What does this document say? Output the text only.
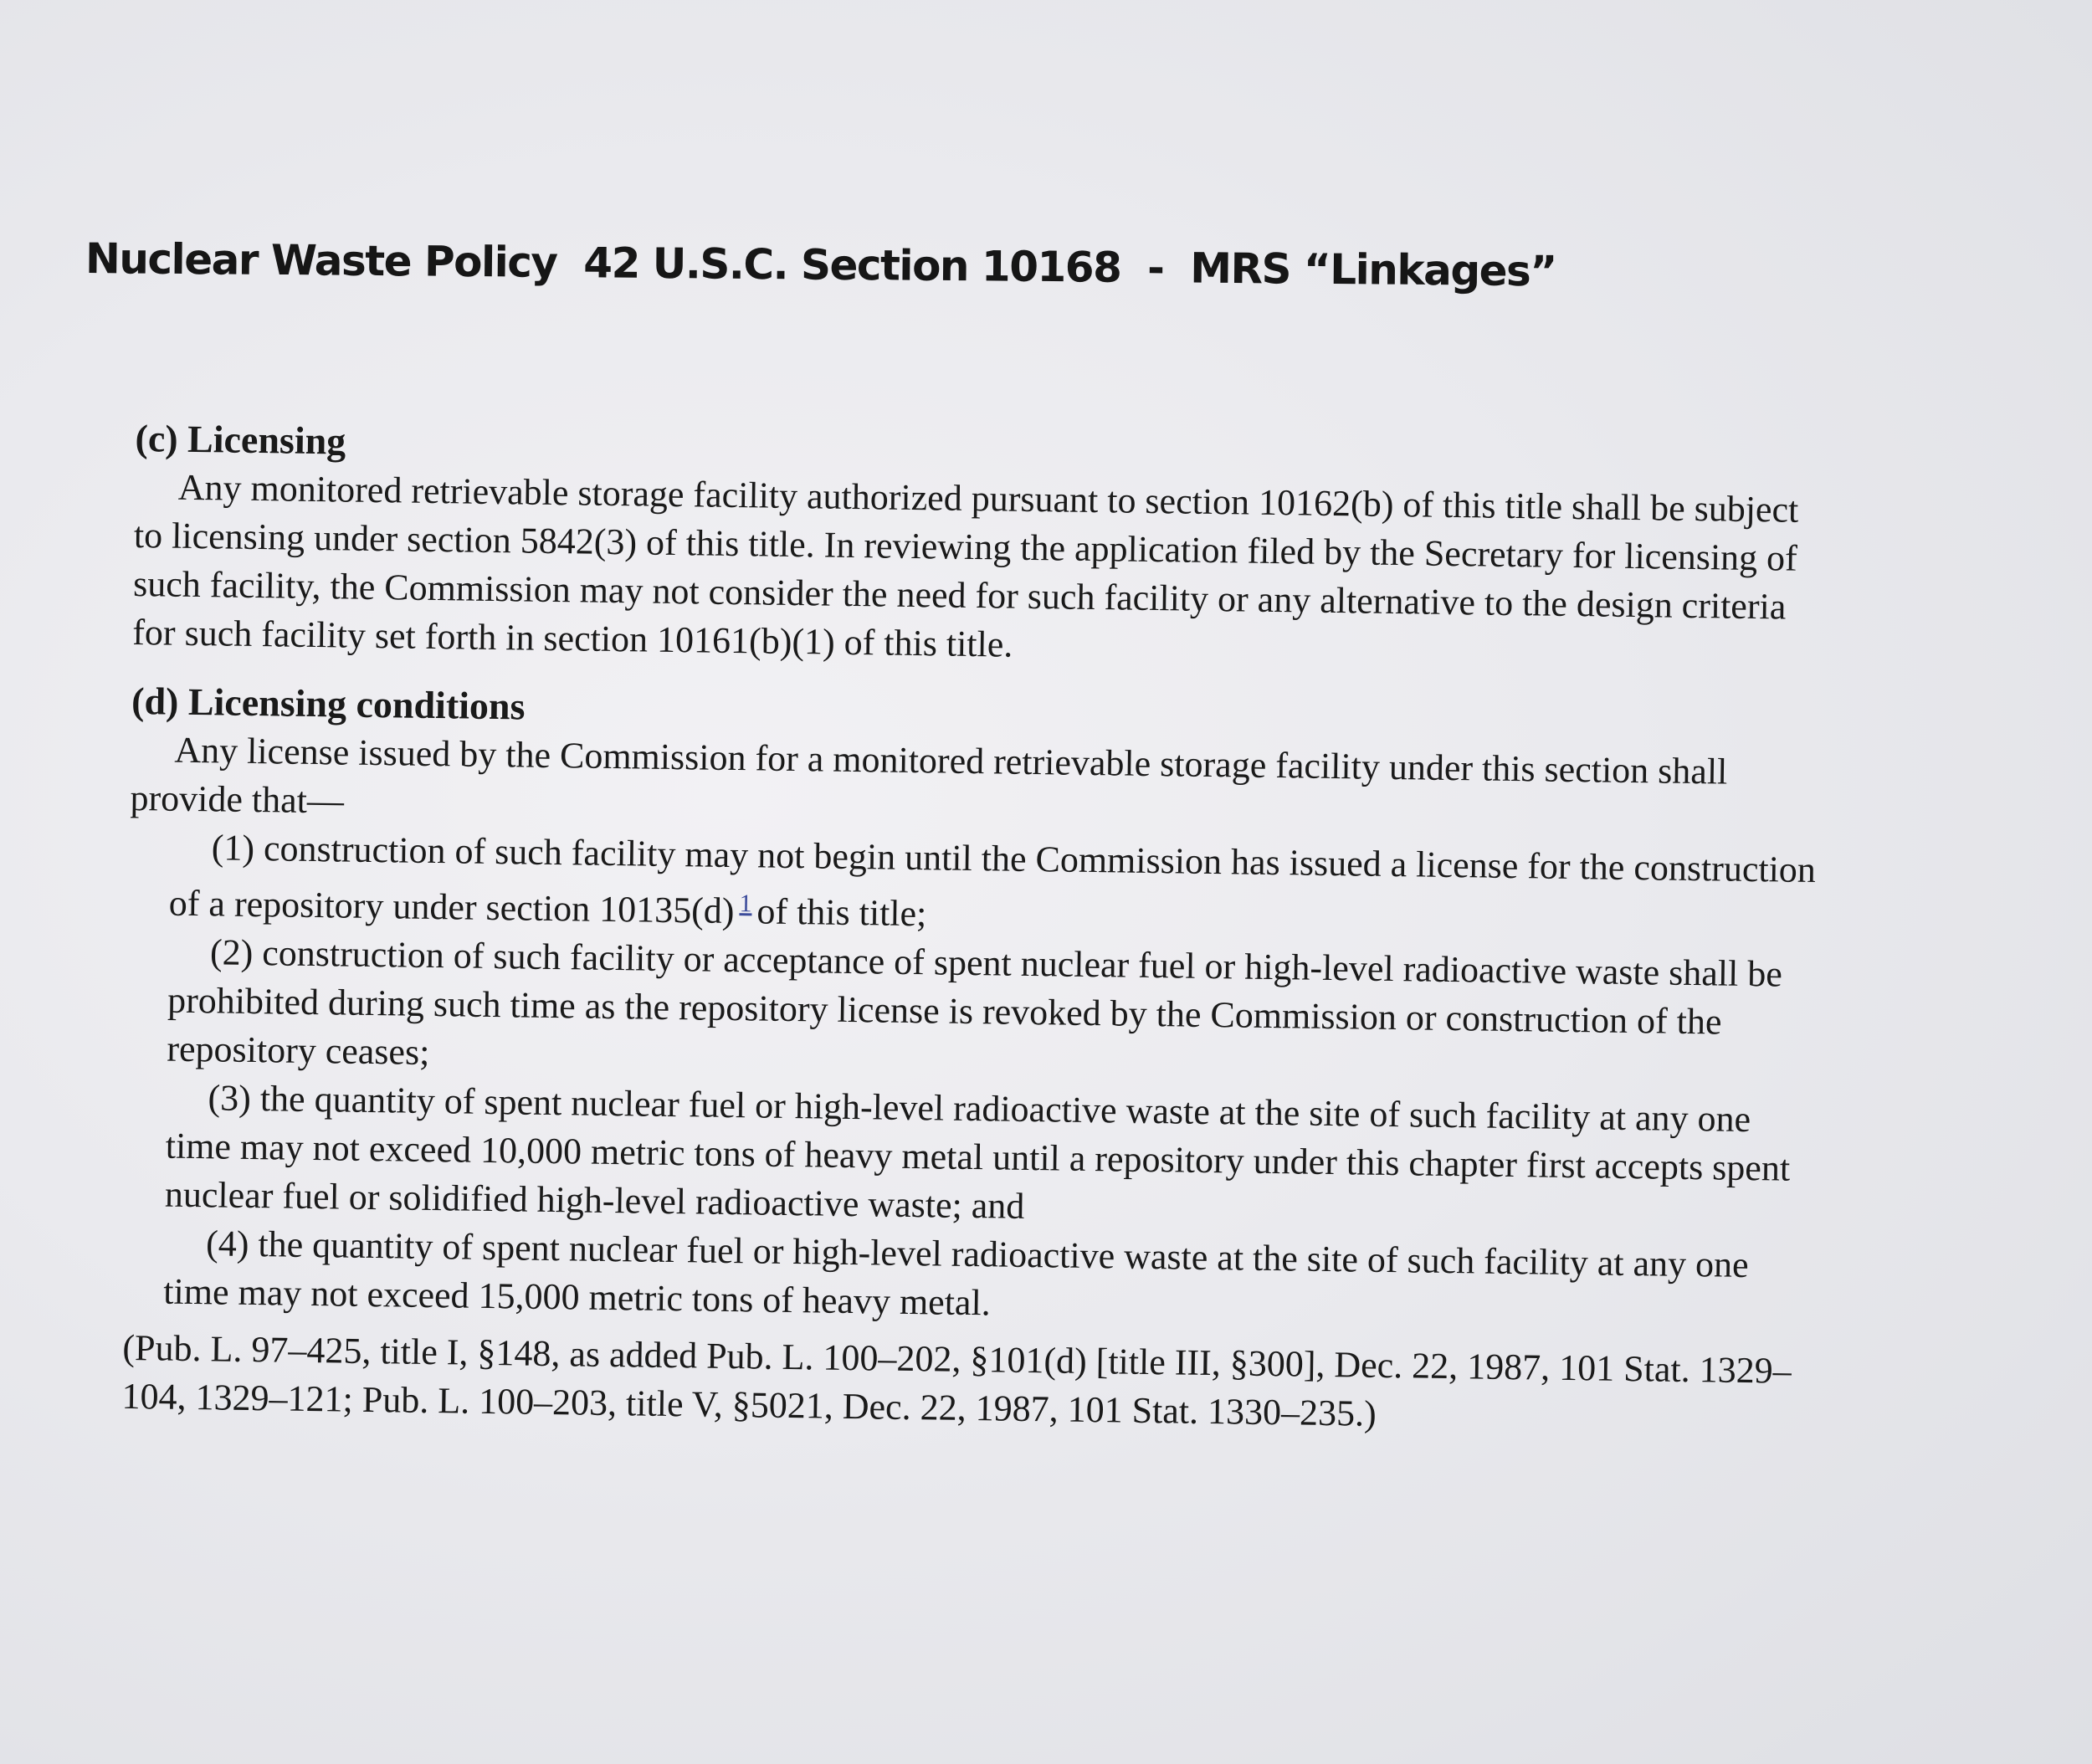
Nuclear Waste Policy  42 U.S.C. Section 10168  -  MRS “Linkages”

(c) Licensing

Any monitored retrievable storage facility authorized pursuant to section 10162(b) of this title shall be subject to licensing under section 5842(3) of this title. In reviewing the application filed by the Secretary for licensing of such facility, the Commission may not consider the need for such facility or any alternative to the design criteria for such facility set forth in section 10161(b)(1) of this title.

(d) Licensing conditions

Any license issued by the Commission for a monitored retrievable storage facility under this section shall provide that—

(1) construction of such facility may not begin until the Commission has issued a license for the construction of a repository under section 10135(d) $^1$ of this title;

(2) construction of such facility or acceptance of spent nuclear fuel or high-level radioactive waste shall be prohibited during such time as the repository license is revoked by the Commission or construction of the repository ceases;

(3) the quantity of spent nuclear fuel or high-level radioactive waste at the site of such facility at any one time may not exceed 10,000 metric tons of heavy metal until a repository under this chapter first accepts spent nuclear fuel or solidified high-level radioactive waste; and

(4) the quantity of spent nuclear fuel or high-level radioactive waste at the site of such facility at any one time may not exceed 15,000 metric tons of heavy metal.

(Pub. L. 97–425, title I, §148, as added Pub. L. 100–202, §101(d) [title III, §300], Dec. 22, 1987, 101 Stat. 1329–104, 1329–121; Pub. L. 100–203, title V, §5021, Dec. 22, 1987, 101 Stat. 1330–235.)
